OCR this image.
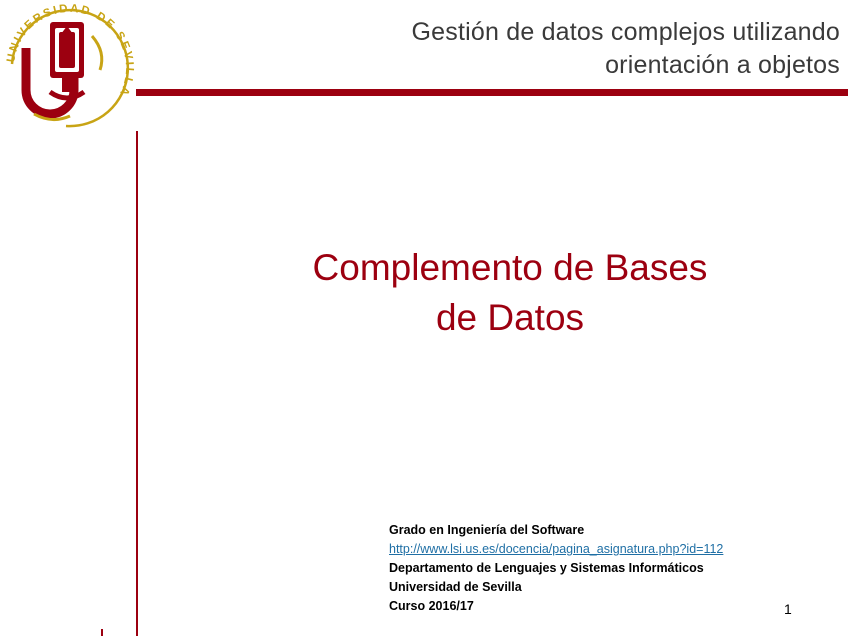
UNIVERSIDAD DE SEVILLA
Gestión de datos complejos utilizando
orientación a objetos
Complemento de Bases
de Datos
Grado en Ingeniería del Software
http://www.lsi.us.es/docencia/pagina_asignatura.php?id=112
Departamento de Lenguajes y Sistemas Informáticos
Universidad de Sevilla
Curso 2016/17	1
